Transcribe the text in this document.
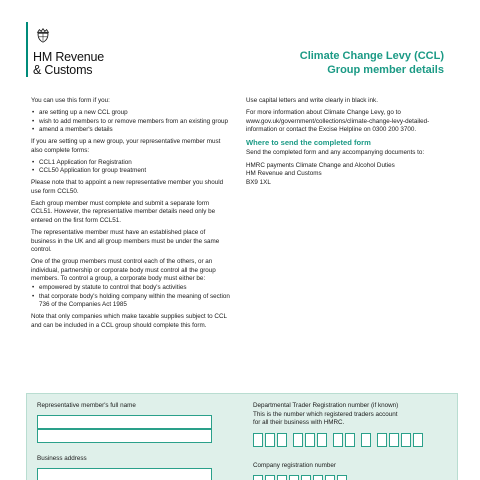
HM Revenue
& Customs
Climate Change Levy (CCL)
Group member details

You can use this form if you:

• are setting up a new CCL group
• wish to add members to or remove members from an existing group
• amend a member's details

If you are setting up a new group, your representative member must also complete forms:

• CCL1 Application for Registration
• CCL50 Application for group treatment

Please note that to appoint a new representative member you should use form CCL50.

Each group member must complete and submit a separate form CCL51. However, the representative member details need only be entered on the first form CCL51.

The representative member must have an established place of business in the UK and all group members must be under the same control.

One of the group members must control each of the others, or an individual, partnership or corporate body must control all the group members. To control a group, a corporate body must either be:

• empowered by statute to control that body's activities
• that corporate body's holding company within the meaning of section 736 of the Companies Act 1985

Note that only companies which make taxable supplies subject to CCL and can be included in a CCL group should complete this form.

Use capital letters and write clearly in black ink.

For more information about Climate Change Levy, go to www.gov.uk/government/collections/climate-change-levy-detailed-information or contact the Excise Helpline on 0300 200 3700.

Where to send the completed form

Send the completed form and any accompanying documents to:

HMRC payments Climate Change and Alcohol Duties
HM Revenue and Customs
BX9 1XL
Representative member's full name
Business address
Departmental Trader Registration number (if known)
This is the number which registered traders account
for all their business with HMRC.
Company registration number
